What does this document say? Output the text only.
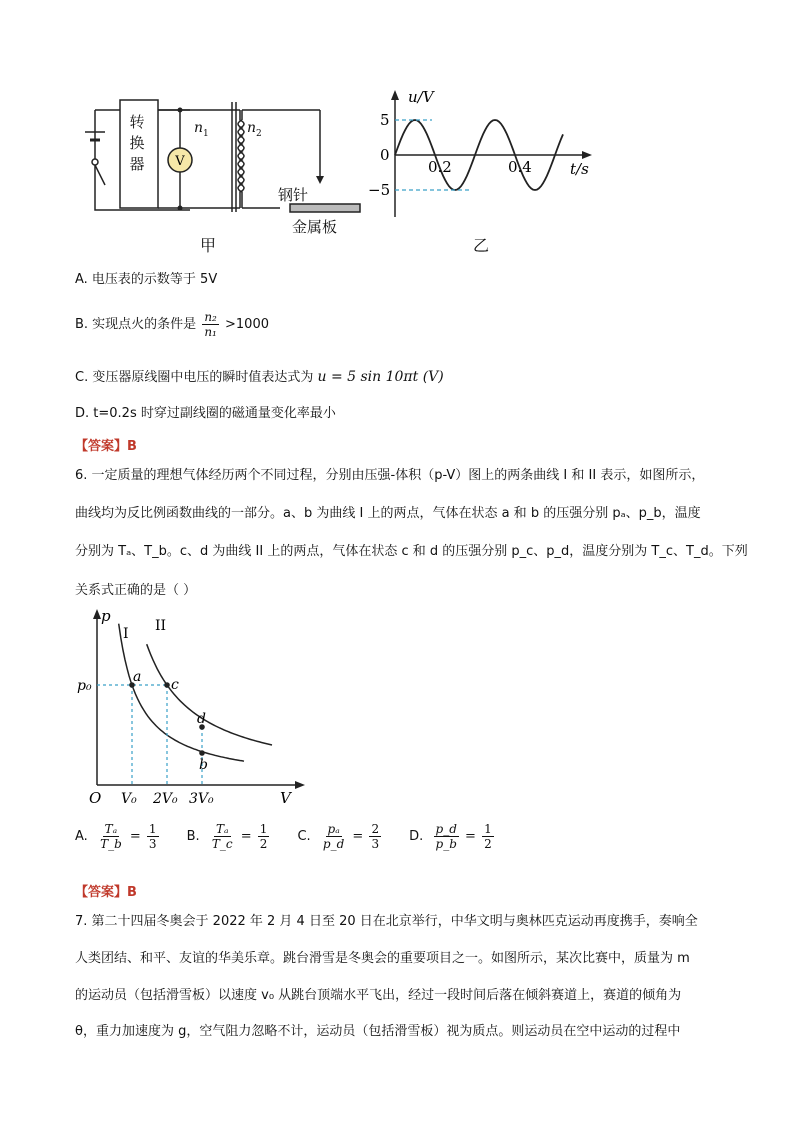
V
转换器
$n_1$	$n_2$
钢针
金属板
甲
u/V
t/s
5
0
−5
0.2	0.4
乙
A. 电压表的示数等于 5V
B. 实现点火的条件是 $\frac{\text{n₂}}{\text{n₁}} >1000$
C. 变压器原线圈中电压的瞬时值表达式为 u = 5 sin 10πt (V)
D. t=0.2s 时穿过副线圈的磁通量变化率最小
【答案】B
6. 一定质量的理想气体经历两个不同过程，分别由压强-体积（p-V）图上的两条曲线 I 和 II 表示，如图所示，
曲线均为反比例函数曲线的一部分。a、b 为曲线 I 上的两点，气体在状态 a 和 b 的压强分别 pₐ、p_b，温度
分别为 Tₐ、T_b。c、d 为曲线 II 上的两点，气体在状态 c 和 d 的压强分别 p_c、p_d，温度分别为 T_c、T_d。下列
关系式正确的是（ ）
p
V
O
p₀
I II
a c
d
b
V₀ 2V₀ 3V₀
A.
$\frac{\text{Tₐ}}{T\_b} = \frac{1}{3} B$.
$\frac{\text{Tₐ}}{T\_c} = \frac{1}{2} C$.
$\frac{\text{pₐ}}{p\_d} = \frac{2}{3} D$.
$\frac{p\_d}{p\_b} = \frac{1}{2}$
【答案】B
7. 第二十四届冬奥会于 2022 年 2 月 4 日至 20 日在北京举行，中华文明与奥林匹克运动再度携手，奏响全
人类团结、和平、友谊的华美乐章。跳台滑雪是冬奥会的重要项目之一。如图所示，某次比赛中，质量为 m
的运动员（包括滑雪板）以速度 v₀ 从跳台顶端水平飞出，经过一段时间后落在倾斜赛道上，赛道的倾角为
θ，重力加速度为 g，空气阻力忽略不计，运动员（包括滑雪板）视为质点。则运动员在空中运动的过程中
